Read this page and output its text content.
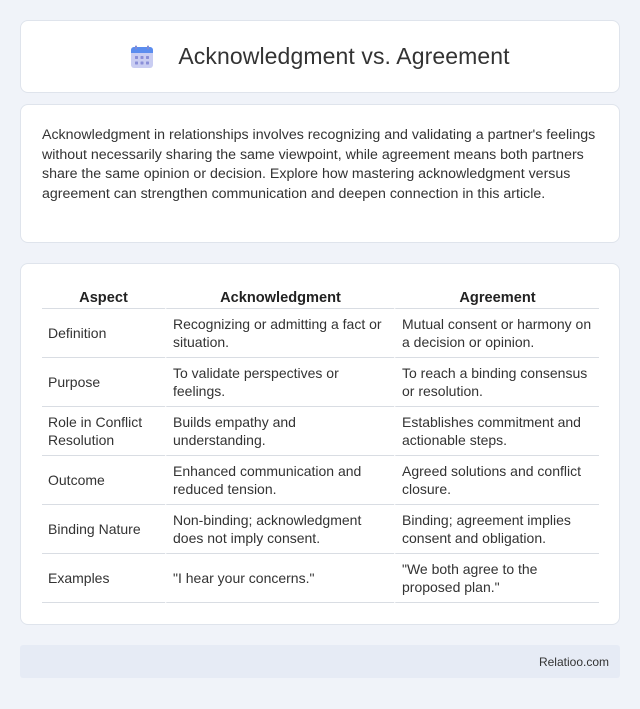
Acknowledgment vs. Agreement

Acknowledgment in relationships involves recognizing and validating a partner's feelings without necessarily sharing the same viewpoint, while agreement means both partners share the same opinion or decision. Explore how mastering acknowledgment versus agreement can strengthen communication and deepen connection in this article.

Aspect	Acknowledgment	Agreement
Definition	Recognizing or admitting a fact or situation.	Mutual consent or harmony on a decision or opinion.
Purpose	To validate perspectives or feelings.	To reach a binding consensus or resolution.
Role in Conflict Resolution	Builds empathy and understanding.	Establishes commitment and actionable steps.
Outcome	Enhanced communication and reduced tension.	Agreed solutions and conflict closure.
Binding Nature	Non-binding; acknowledgment does not imply consent.	Binding; agreement implies consent and obligation.
Examples	"I hear your concerns."	"We both agree to the proposed plan."
Relatioo.com
